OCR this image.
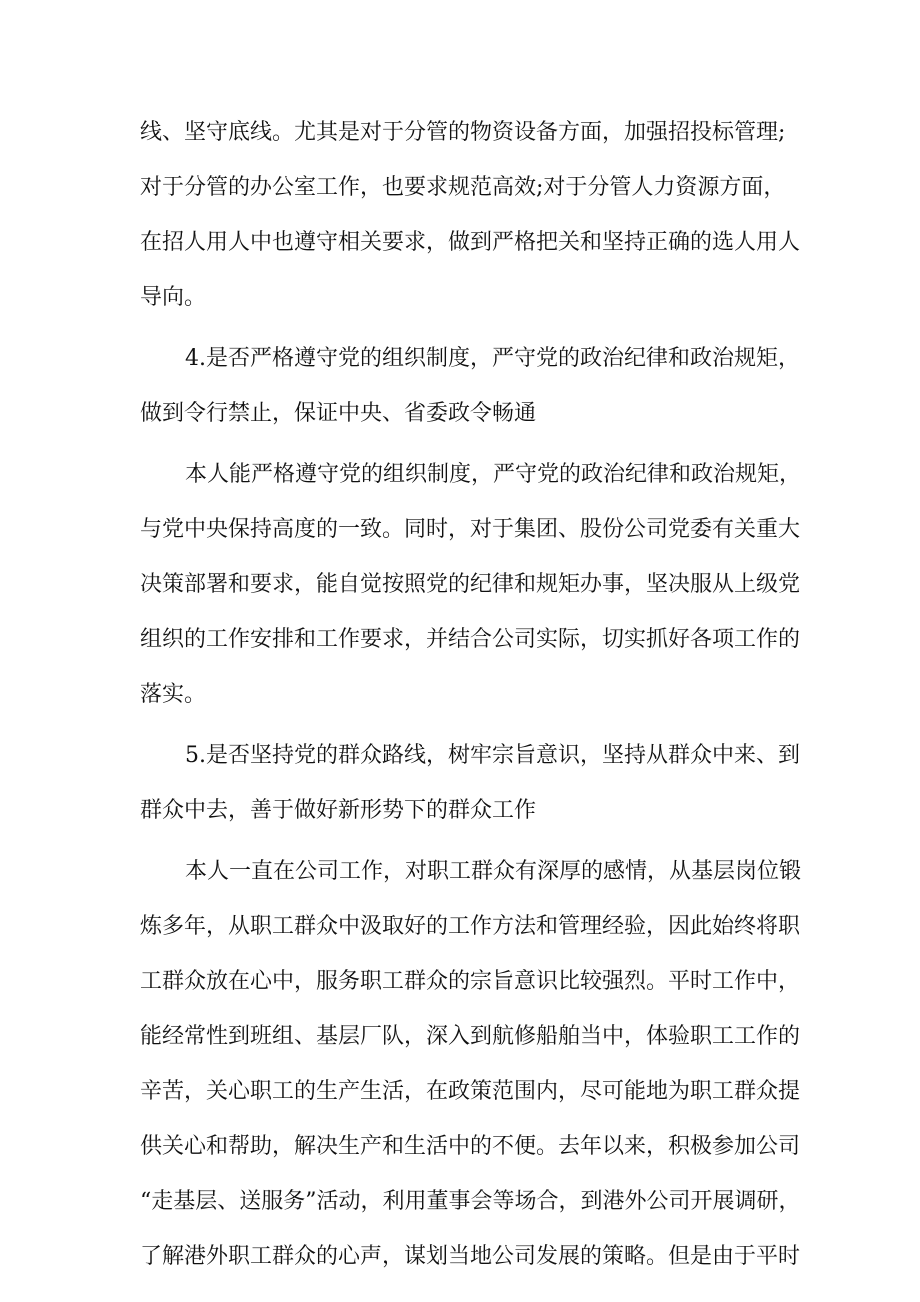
线、坚守底线。尤其是对于分管的物资设备方面，加强招投标管理;

对于分管的办公室工作，也要求规范高效;对于分管人力资源方面，

在招人用人中也遵守相关要求，做到严格把关和坚持正确的选人用人

导向。

4.是否严格遵守党的组织制度，严守党的政治纪律和政治规矩，

做到令行禁止，保证中央、省委政令畅通

本人能严格遵守党的组织制度，严守党的政治纪律和政治规矩，

与党中央保持高度的一致。同时，对于集团、股份公司党委有关重大

决策部署和要求，能自觉按照党的纪律和规矩办事，坚决服从上级党

组织的工作安排和工作要求，并结合公司实际，切实抓好各项工作的

落实。

5.是否坚持党的群众路线，树牢宗旨意识，坚持从群众中来、到

群众中去，善于做好新形势下的群众工作

本人一直在公司工作，对职工群众有深厚的感情，从基层岗位锻

炼多年，从职工群众中汲取好的工作方法和管理经验，因此始终将职

工群众放在心中，服务职工群众的宗旨意识比较强烈。平时工作中，

能经常性到班组、基层厂队，深入到航修船舶当中，体验职工工作的

辛苦，关心职工的生产生活，在政策范围内，尽可能地为职工群众提

供关心和帮助，解决生产和生活中的不便。去年以来，积极参加公司

“走基层、送服务”活动，利用董事会等场合，到港外公司开展调研，

了解港外职工群众的心声，谋划当地公司发展的策略。但是由于平时
